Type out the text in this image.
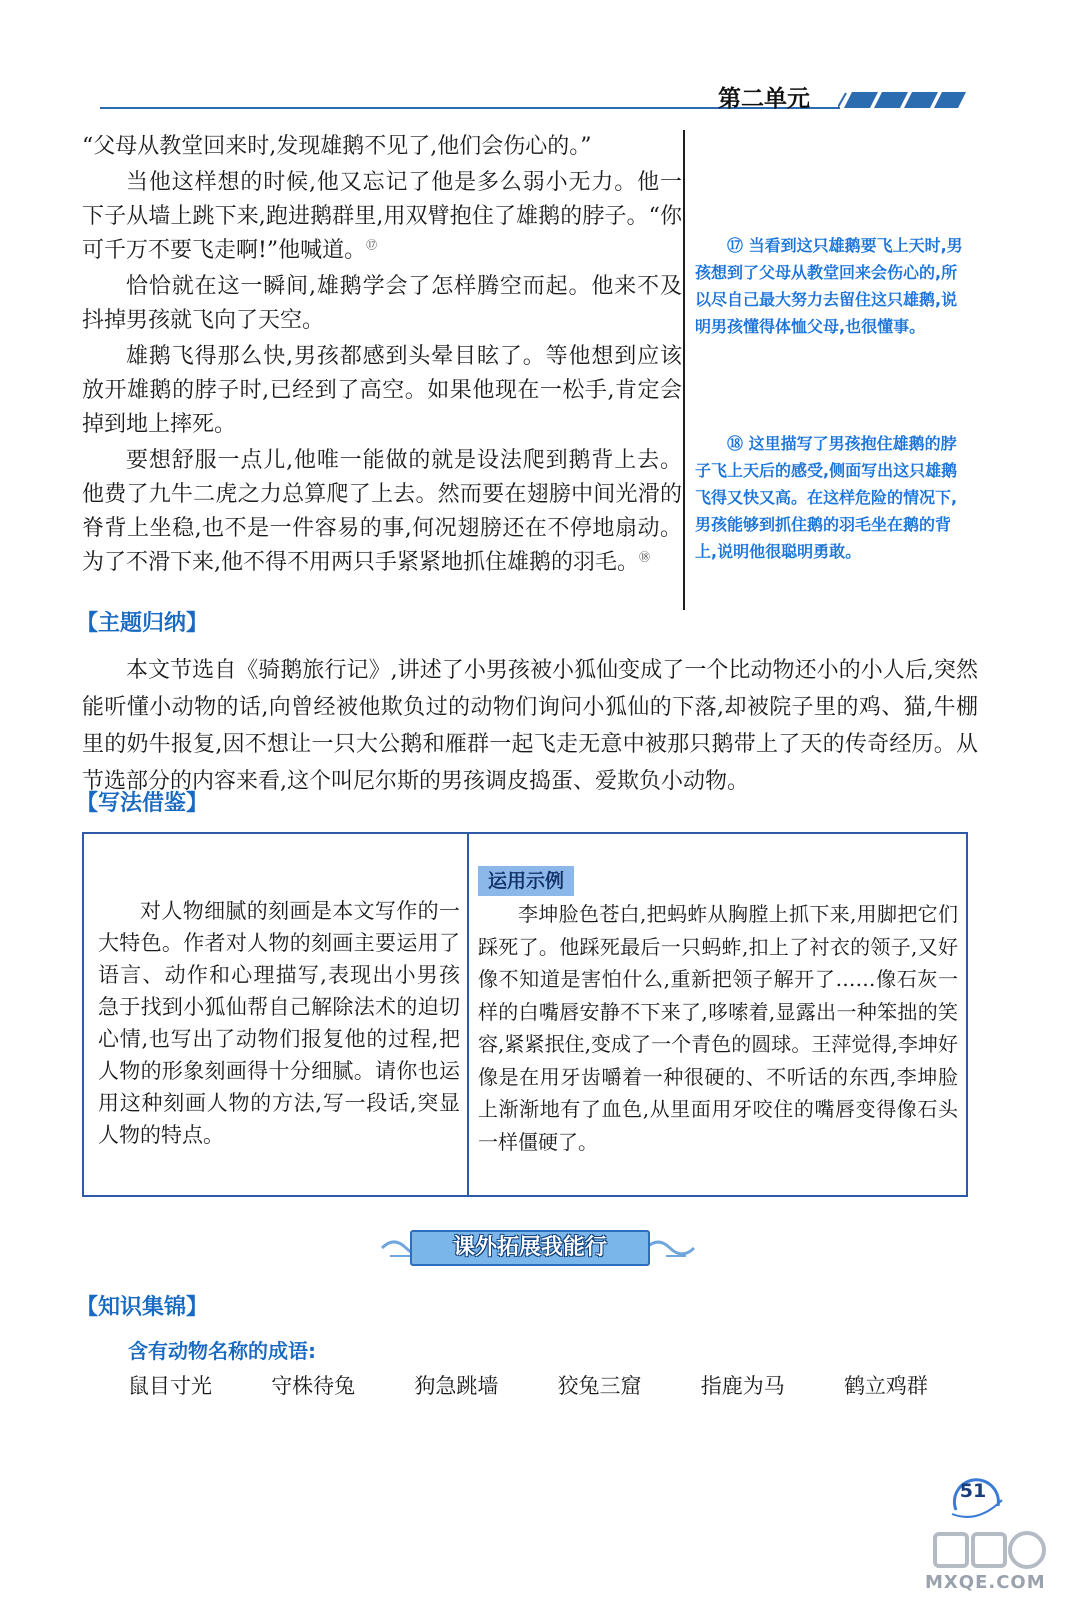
第二单元

“父母从教堂回来时,发现雄鹅不见了,他们会伤心的。”

当他这样想的时候,他又忘记了他是多么弱小无力。他一下子从墙上跳下来,跑进鹅群里,用双臂抱住了雄鹅的脖子。“你可千万不要飞走啊!”他喊道。⑰

恰恰就在这一瞬间,雄鹅学会了怎样腾空而起。他来不及抖掉男孩就飞向了天空。

雄鹅飞得那么快,男孩都感到头晕目眩了。等他想到应该放开雄鹅的脖子时,已经到了高空。如果他现在一松手,肯定会掉到地上摔死。

要想舒服一点儿,他唯一能做的就是设法爬到鹅背上去。他费了九牛二虎之力总算爬了上去。然而要在翅膀中间光滑的脊背上坐稳,也不是一件容易的事,何况翅膀还在不停地扇动。为了不滑下来,他不得不用两只手紧紧地抓住雄鹅的羽毛。⑱

⑰ 当看到这只雄鹅要飞上天时,男孩想到了父母从教堂回来会伤心的,所以尽自己最大努力去留住这只雄鹅,说明男孩懂得体恤父母,也很懂事。

⑱ 这里描写了男孩抱住雄鹅的脖子飞上天后的感受,侧面写出这只雄鹅飞得又快又高。在这样危险的情况下,男孩能够到抓住鹅的羽毛坐在鹅的背上,说明他很聪明勇敢。

【主题归纳】

本文节选自《骑鹅旅行记》,讲述了小男孩被小狐仙变成了一个比动物还小的小人后,突然能听懂小动物的话,向曾经被他欺负过的动物们询问小狐仙的下落,却被院子里的鸡、猫,牛棚里的奶牛报复,因不想让一只大公鹅和雁群一起飞走无意中被那只鹅带上了天的传奇经历。从节选部分的内容来看,这个叫尼尔斯的男孩调皮捣蛋、爱欺负小动物。

【写法借鉴】

对人物细腻的刻画是本文写作的一大特色。作者对人物的刻画主要运用了语言、动作和心理描写,表现出小男孩急于找到小狐仙帮自己解除法术的迫切心情,也写出了动物们报复他的过程,把人物的形象刻画得十分细腻。请你也运用这种刻画人物的方法,写一段话,突显人物的特点。

运用示例

李坤脸色苍白,把蚂蚱从胸膛上抓下来,用脚把它们踩死了。他踩死最后一只蚂蚱,扣上了衬衣的领子,又好像不知道是害怕什么,重新把领子解开了……像石灰一样的白嘴唇安静不下来了,哆嗦着,显露出一种笨拙的笑容,紧紧抿住,变成了一个青色的圆球。王萍觉得,李坤好像是在用牙齿嚼着一种很硬的、不听话的东西,李坤脸上渐渐地有了血色,从里面用牙咬住的嘴唇变得像石头一样僵硬了。

课外拓展我能行
【知识集锦】
含有动物名称的成语:
鼠目寸光	守株待兔	狗急跳墙	狡兔三窟	指鹿为马	鹤立鸡群
51
MXQE.COM
